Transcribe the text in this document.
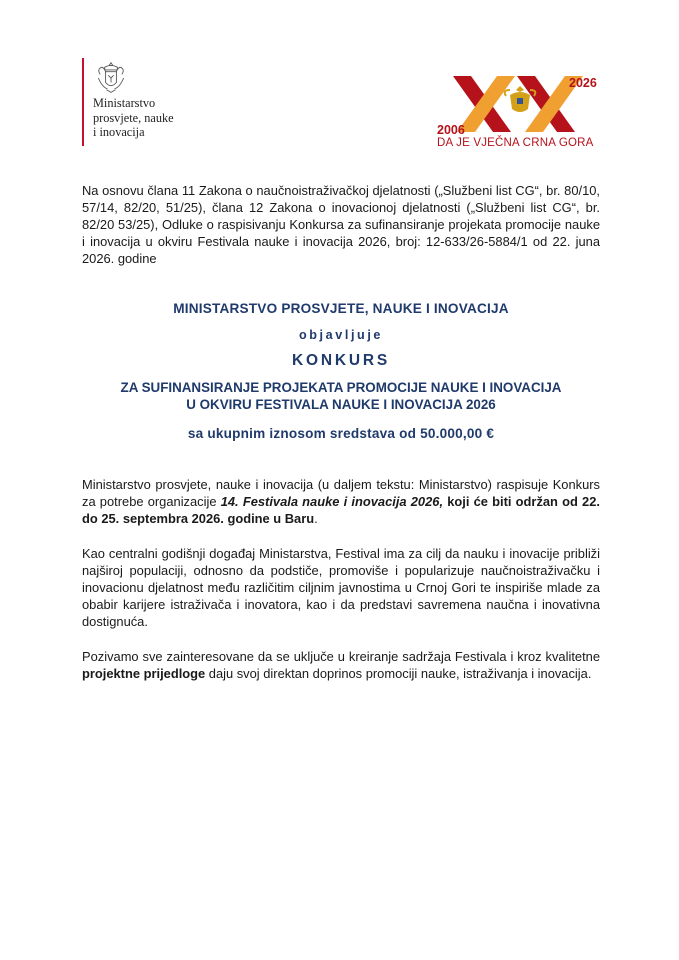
Ministarstvo
prosvjete, nauke
i inovacija
2026
2006
DA JE VJEČNA CRNA GORA

Na osnovu člana 11 Zakona o naučnoistraživačkoj djelatnosti („Službeni list CG“, br. 80/10, 57/14, 82/20, 51/25), člana 12 Zakona o inovacionoj djelatnosti („Službeni list CG“, br. 82/20 53/25), Odluke o raspisivanju Konkursa za sufinansiranje projekata promocije nauke i inovacija u okviru Festivala nauke i inovacija 2026, broj: 12-633/26-5884/1 od 22. juna 2026. godine

MINISTARSTVO PROSVJETE, NAUKE I INOVACIJA
objavljuje
KONKURS
ZA SUFINANSIRANJE PROJEKATA PROMOCIJE NAUKE I INOVACIJA
U OKVIRU FESTIVALA NAUKE I INOVACIJA 2026
sa ukupnim iznosom sredstava od 50.000,00 €

Ministarstvo prosvjete, nauke i inovacija (u daljem tekstu: Ministarstvo) raspisuje Konkurs za potrebe organizacije 14. Festivala nauke i inovacija 2026, koji će biti održan od 22. do 25. septembra 2026. godine u Baru.

Kao centralni godišnji događaj Ministarstva, Festival ima za cilj da nauku i inovacije približi najširoj populaciji, odnosno da podstiče, promoviše i popularizuje naučnoistraživačku i inovacionu djelatnost među različitim ciljnim javnostima u Crnoj Gori te inspiriše mlade za obabir karijere istraživača i inovatora, kao i da predstavi savremena naučna i inovativna dostignuća.

Pozivamo sve zainteresovane da se uključe u kreiranje sadržaja Festivala i kroz kvalitetne projektne prijedloge daju svoj direktan doprinos promociji nauke, istraživanja i inovacija.
